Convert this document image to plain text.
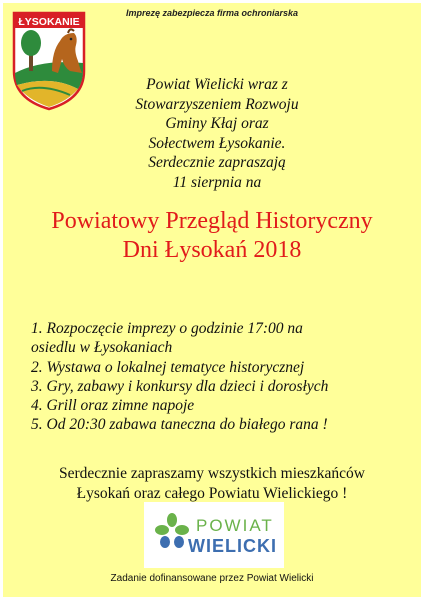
Imprezę zabezpiecza firma ochroniarska
ŁYSOKANIE
Powiat Wielicki wraz z
Stowarzyszeniem Rozwoju
Gminy Kłaj oraz
Sołectwem Łysokanie.
Serdecznie zapraszają
11 sierpnia na
Powiatowy Przegląd Historyczny
Dni Łysokań 2018
1. Rozpoczęcie imprezy o godzinie 17:00 na
osiedlu w Łysokaniach
2. Wystawa o lokalnej tematyce historycznej
3. Gry, zabawy i konkursy dla dzieci i dorosłych
4. Grill oraz zimne napoje
5. Od 20:30 zabawa taneczna do białego rana !
Serdecznie zapraszamy wszystkich mieszkańców
Łysokań oraz całego Powiatu Wielickiego !
POWIAT
WIELICKI
Zadanie dofinansowane przez Powiat Wielicki
